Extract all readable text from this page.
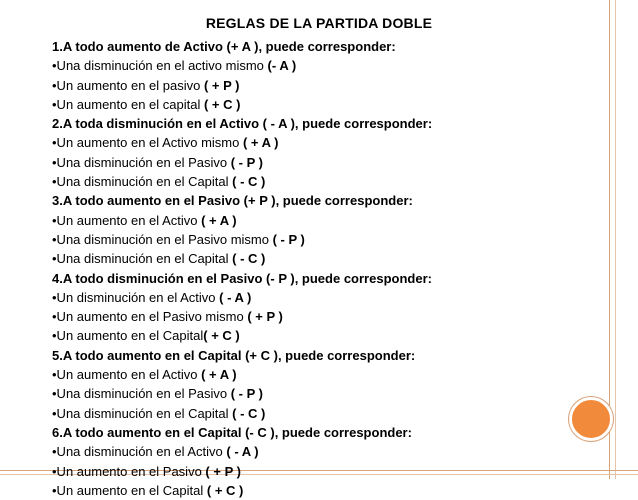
REGLAS DE LA PARTIDA DOBLE
1.A todo aumento de Activo (+ A ), puede corresponder:
•Una disminución en el activo mismo (- A )
•Un aumento en el pasivo ( + P )
•Un aumento en el capital ( + C )
2.A toda disminución en el Activo ( - A ), puede corresponder:
•Un aumento en el Activo mismo ( + A )
•Una disminución en el Pasivo ( - P )
•Una disminución en el Capital ( - C )
3.A todo aumento en el Pasivo (+ P ), puede corresponder:
•Un aumento en el Activo ( + A )
•Una disminución en el Pasivo mismo ( - P )
•Una disminución en el Capital ( - C )
4.A todo disminución en el Pasivo (- P ), puede corresponder:
•Un disminución en el Activo ( - A )
•Un aumento en el Pasivo mismo ( + P )
•Un aumento en el Capital( + C )
5.A todo aumento en el Capital (+ C ), puede corresponder:
•Un aumento en el Activo ( + A )
•Una disminución en el Pasivo ( - P )
•Una disminución en el Capital ( - C )
6.A todo aumento en el Capital (- C ), puede corresponder:
•Una disminución en el Activo ( - A )
•Un aumento en el Pasivo ( + P )
•Un aumento en el Capital ( + C )
